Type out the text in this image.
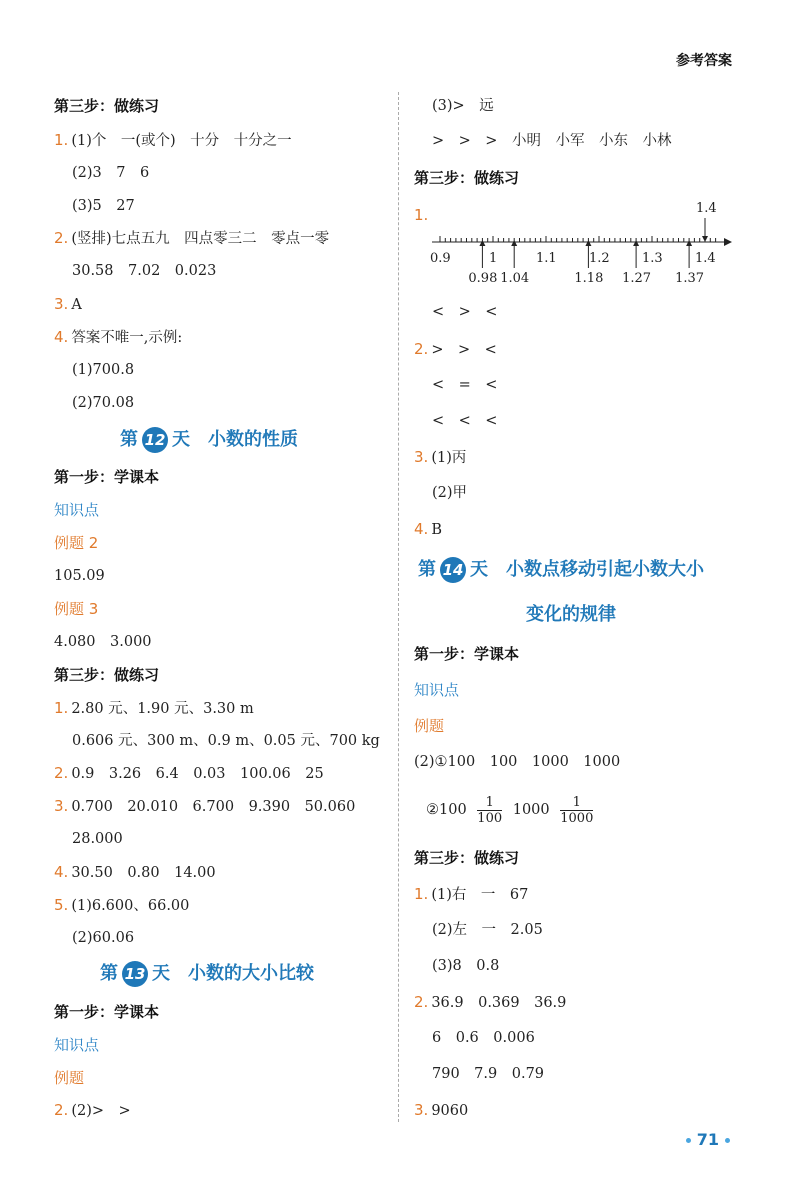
参考答案
第三步：做练习
1. (1)个　一(或个)　十分　十分之一
(2)3　7　6
(3)5　27
2. (竖排)七点五九　四点零三二　零点一零
30.58　7.02　0.023
3. A
4. 答案不唯一,示例:
(1)700.8
(2)70.08
第 12 天　小数的性质
第一步：学课本
知识点
例题 2
105.09
例题 3
4.080　3.000
第三步：做练习
1. 2.80 元、1.90 元、3.30 m
0.606 元、300 m、0.9 m、0.05 元、700 kg
2. 0.9　3.26　6.4　0.03　100.06　25
3. 0.700　20.010　6.700　9.390　50.060
28.000
4. 30.50　0.80　14.00
5. (1)6.600、66.00
(2)60.06
第 13 天　小数的大小比较
第一步：学课本
知识点
例题
2. (2)>　>
(3)>　远
>　>　>　小明　小军　小东　小林
第三步：做练习
1.	1.4
0.9	1	1.1 1.2 1.3 1.4
0.98 1.04	1.18 1.27 1.37
<　>　<
2. >　>　<
<　=　<
<　<　<
3. (1)丙
(2)甲
4. B
第 14 天　小数点移动引起小数大小
变化的规律
第一步：学课本
知识点
例题
(2)①100　100　1000　1000
②100 $\frac{1}{100} 1000 \frac{1}{1000}$
第三步：做练习
1. (1)右　一　67
(2)左　一　2.05
(3)8　0.8
2. 36.9　0.369　36.9
6　0.6　0.006
790　7.9　0.79
3. 9060
71
